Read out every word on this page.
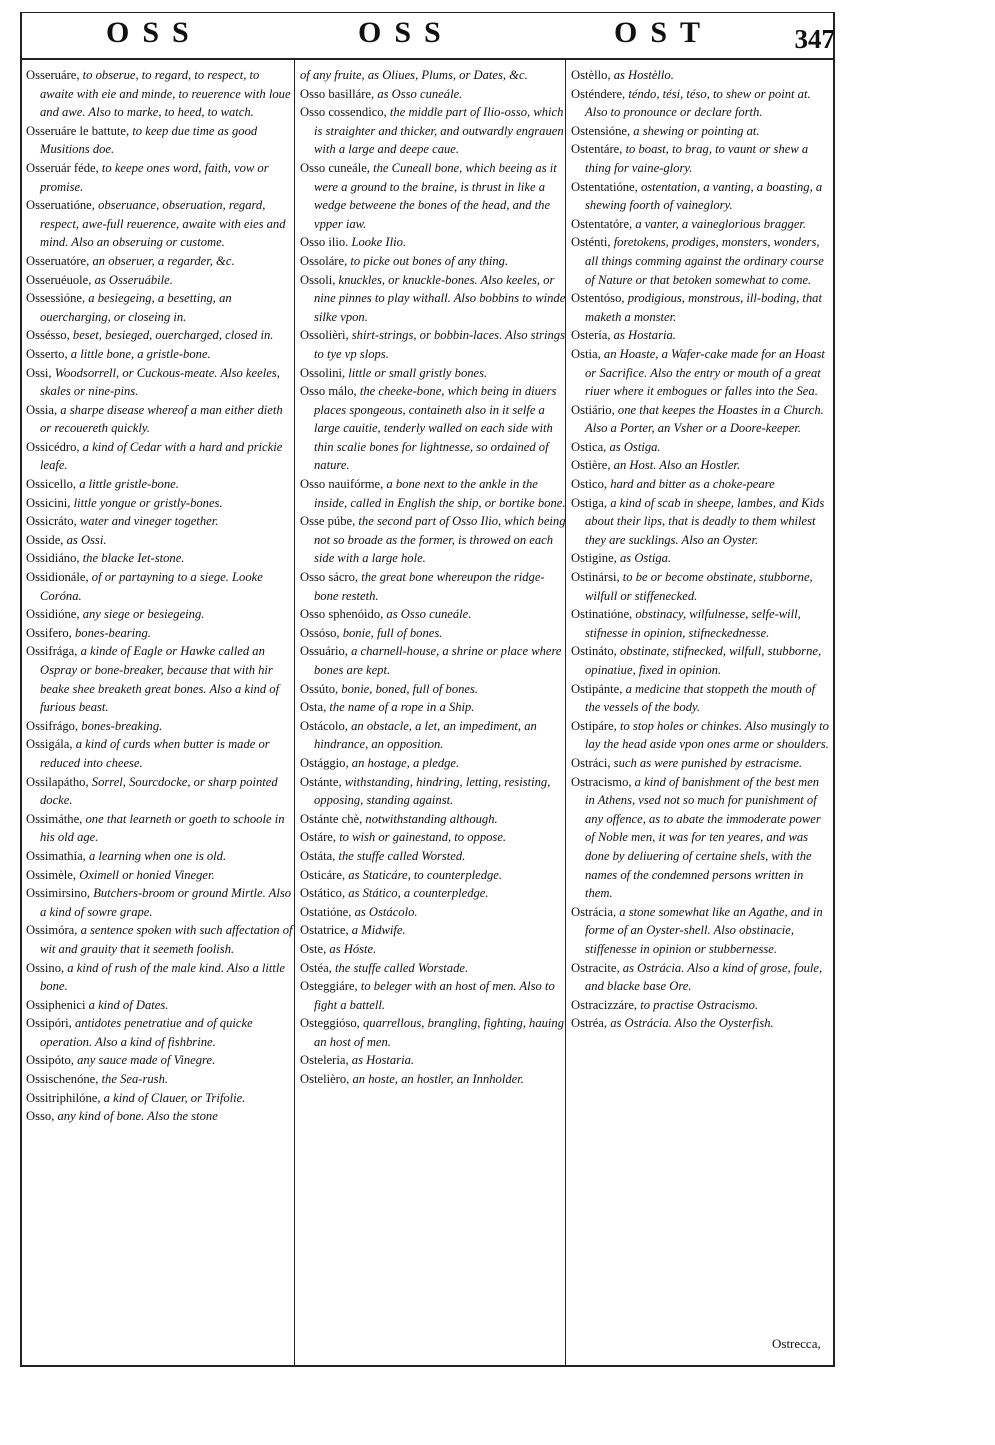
OSS	OSS	OST	347

Osseruáre, to obserue, to regard, to respect, to awaite with eie and minde, to reuerence with loue and awe. Also to marke, to heed, to watch.

Osseruáre le battute, to keep due time as good Musitions doe.

Osseruár féde, to keepe ones word, faith, vow or promise.

Osseruatióne, obseruance, obseruation, regard, respect, awe-full reuerence, awaite with eies and mind. Also an obseruing or custome.

Osseruatóre, an obseruer, a regarder, &c.

Osseruéuole, as Osseruábile.

Ossessióne, a besiegeing, a besetting, an ouercharging, or closeing in.

Ossésso, beset, besieged, ouercharged, closed in.

Osserto, a little bone, a gristle-bone.

Ossi, Woodsorrell, or Cuckous-meate. Also keeles, skales or nine-pins.

Ossia, a sharpe disease whereof a man either dieth or recouereth quickly.

Ossicédro, a kind of Cedar with a hard and prickie leafe.

Ossicello, a little gristle-bone.

Ossicini, little yongue or gristly-bones.

Ossicráto, water and vineger together.

Osside, as Ossi.

Ossidiáno, the blacke Iet-stone.

Ossidionále, of or partayning to a siege. Looke Coróna.

Ossidióne, any siege or besiegeing.

Ossifero, bones-bearing.

Ossifrága, a kinde of Eagle or Hawke called an Ospray or bone-breaker, because that with hir beake shee breaketh great bones. Also a kind of furious beast.

Ossifrágo, bones-breaking.

Ossigála, a kind of curds when butter is made or reduced into cheese.

Ossilapátho, Sorrel, Sourcdocke, or sharp pointed docke.

Ossimáthe, one that learneth or goeth to schoole in his old age.

Ossimathía, a learning when one is old.

Ossimèle, Oximell or honied Vineger.

Ossimirsino, Butchers-broom or ground Mirtle. Also a kind of sowre grape.

Ossimóra, a sentence spoken with such affectation of wit and grauity that it seemeth foolish.

Ossino, a kind of rush of the male kind. Also a little bone.

Ossiphenici a kind of Dates.

Ossipóri, antidotes penetratiue and of quicke operation. Also a kind of fishbrine.

Ossipóto, any sauce made of Vinegre.

Ossischenóne, the Sea-rush.

Ossitriphilóne, a kind of Clauer, or Trifolie.

Osso, any kind of bone. Also the stone

of any fruite, as Oliues, Plums, or Dates, &c.

Osso basilláre, as Osso cuneále.

Osso cossendico, the middle part of Ilio-osso, which is straighter and thicker, and outwardly engrauen with a large and deepe caue.

Osso cuneále, the Cuneall bone, which beeing as it were a ground to the braine, is thrust in like a wedge betweene the bones of the head, and the vpper iaw.

Osso ilio. Looke Ilio.

Ossoláre, to picke out bones of any thing.

Ossoli, knuckles, or knuckle-bones. Also keeles, or nine pinnes to play withall. Also bobbins to winde silke vpon.

Ossolièri, shirt-strings, or bobbin-laces. Also strings to tye vp slops.

Ossolini, little or small gristly bones.

Osso málo, the cheeke-bone, which being in diuers places spongeous, containeth also in it selfe a large cauitie, tenderly walled on each side with thin scalie bones for lightnesse, so ordained of nature.

Osso nauifórme, a bone next to the ankle in the inside, called in English the ship, or bortike bone.

Osse púbe, the second part of Osso Ilio, which being not so broade as the former, is throwed on each side with a large hole.

Osso sácro, the great bone whereupon the ridge-bone resteth.

Osso sphenóido, as Osso cuneále.

Ossóso, bonie, full of bones.

Ossuário, a charnell-house, a shrine or place where bones are kept.

Ossúto, bonie, boned, full of bones.

Osta, the name of a rope in a Ship.

Ostácolo, an obstacle, a let, an impediment, an hindrance, an opposition.

Ostággio, an hostage, a pledge.

Ostánte, withstanding, hindring, letting, resisting, opposing, standing against.

Ostánte chè, notwithstanding although.

Ostáre, to wish or gainestand, to oppose.

Ostáta, the stuffe called Worsted.

Osticáre, as Staticáre, to counterpledge.

Ostático, as Stático, a counterpledge.

Ostatióne, as Ostácolo.

Ostatrice, a Midwife.

Oste, as Hóste.

Ostéa, the stuffe called Worstade.

Osteggiáre, to beleger with an host of men. Also to fight a battell.

Osteggióso, quarrellous, brangling, fighting, hauing an host of men.

Osteleria, as Hostaria.

Ostelièro, an hoste, an hostler, an Innholder.

Ostèllo, as Hostèllo.

Osténdere, téndo, tési, téso, to shew or point at. Also to pronounce or declare forth.

Ostensióne, a shewing or pointing at.

Ostentáre, to boast, to brag, to vaunt or shew a thing for vaine-glory.

Ostentatióne, ostentation, a vanting, a boasting, a shewing foorth of vaineglory.

Ostentatóre, a vanter, a vaineglorious bragger.

Osténti, foretokens, prodiges, monsters, wonders, all things comming against the ordinary course of Nature or that betoken somewhat to come.

Ostentóso, prodigious, monstrous, ill-boding, that maketh a monster.

Ostería, as Hostaria.

Ostia, an Hoaste, a Wafer-cake made for an Hoast or Sacrifice. Also the entry or mouth of a great riuer where it embogues or falles into the Sea.

Ostiário, one that keepes the Hoastes in a Church. Also a Porter, an Vsher or a Doore-keeper.

Ostica, as Ostiga.

Ostière, an Host. Also an Hostler.

Ostico, hard and bitter as a choke-peare

Ostiga, a kind of scab in sheepe, lambes, and Kids about their lips, that is deadly to them whilest they are sucklings. Also an Oyster.

Ostigine, as Ostiga.

Ostinársi, to be or become obstinate, stubborne, wilfull or stiffenecked.

Ostinatióne, obstinacy, wilfulnesse, selfe-will, stifnesse in opinion, stifneckednesse.

Ostináto, obstinate, stifnecked, wilfull, stubborne, opinatiue, fixed in opinion.

Ostipánte, a medicine that stoppeth the mouth of the vessels of the body.

Ostipáre, to stop holes or chinkes. Also musingly to lay the head aside vpon ones arme or shoulders.

Ostráci, such as were punished by estracisme.

Ostracismo, a kind of banishment of the best men in Athens, vsed not so much for punishment of any offence, as to abate the immoderate power of Noble men, it was for ten yeares, and was done by deliuering of certaine shels, with the names of the condemned persons written in them.

Ostrácia, a stone somewhat like an Agathe, and in forme of an Oyster-shell. Also obstinacie, stiffenesse in opinion or stubbernesse.

Ostracite, as Ostrácia. Also a kind of grose, foule, and blacke base Ore.

Ostracizzáre, to practise Ostracismo.

Ostréa, as Ostrácia. Also the Oysterfish.

Ostrecca,
